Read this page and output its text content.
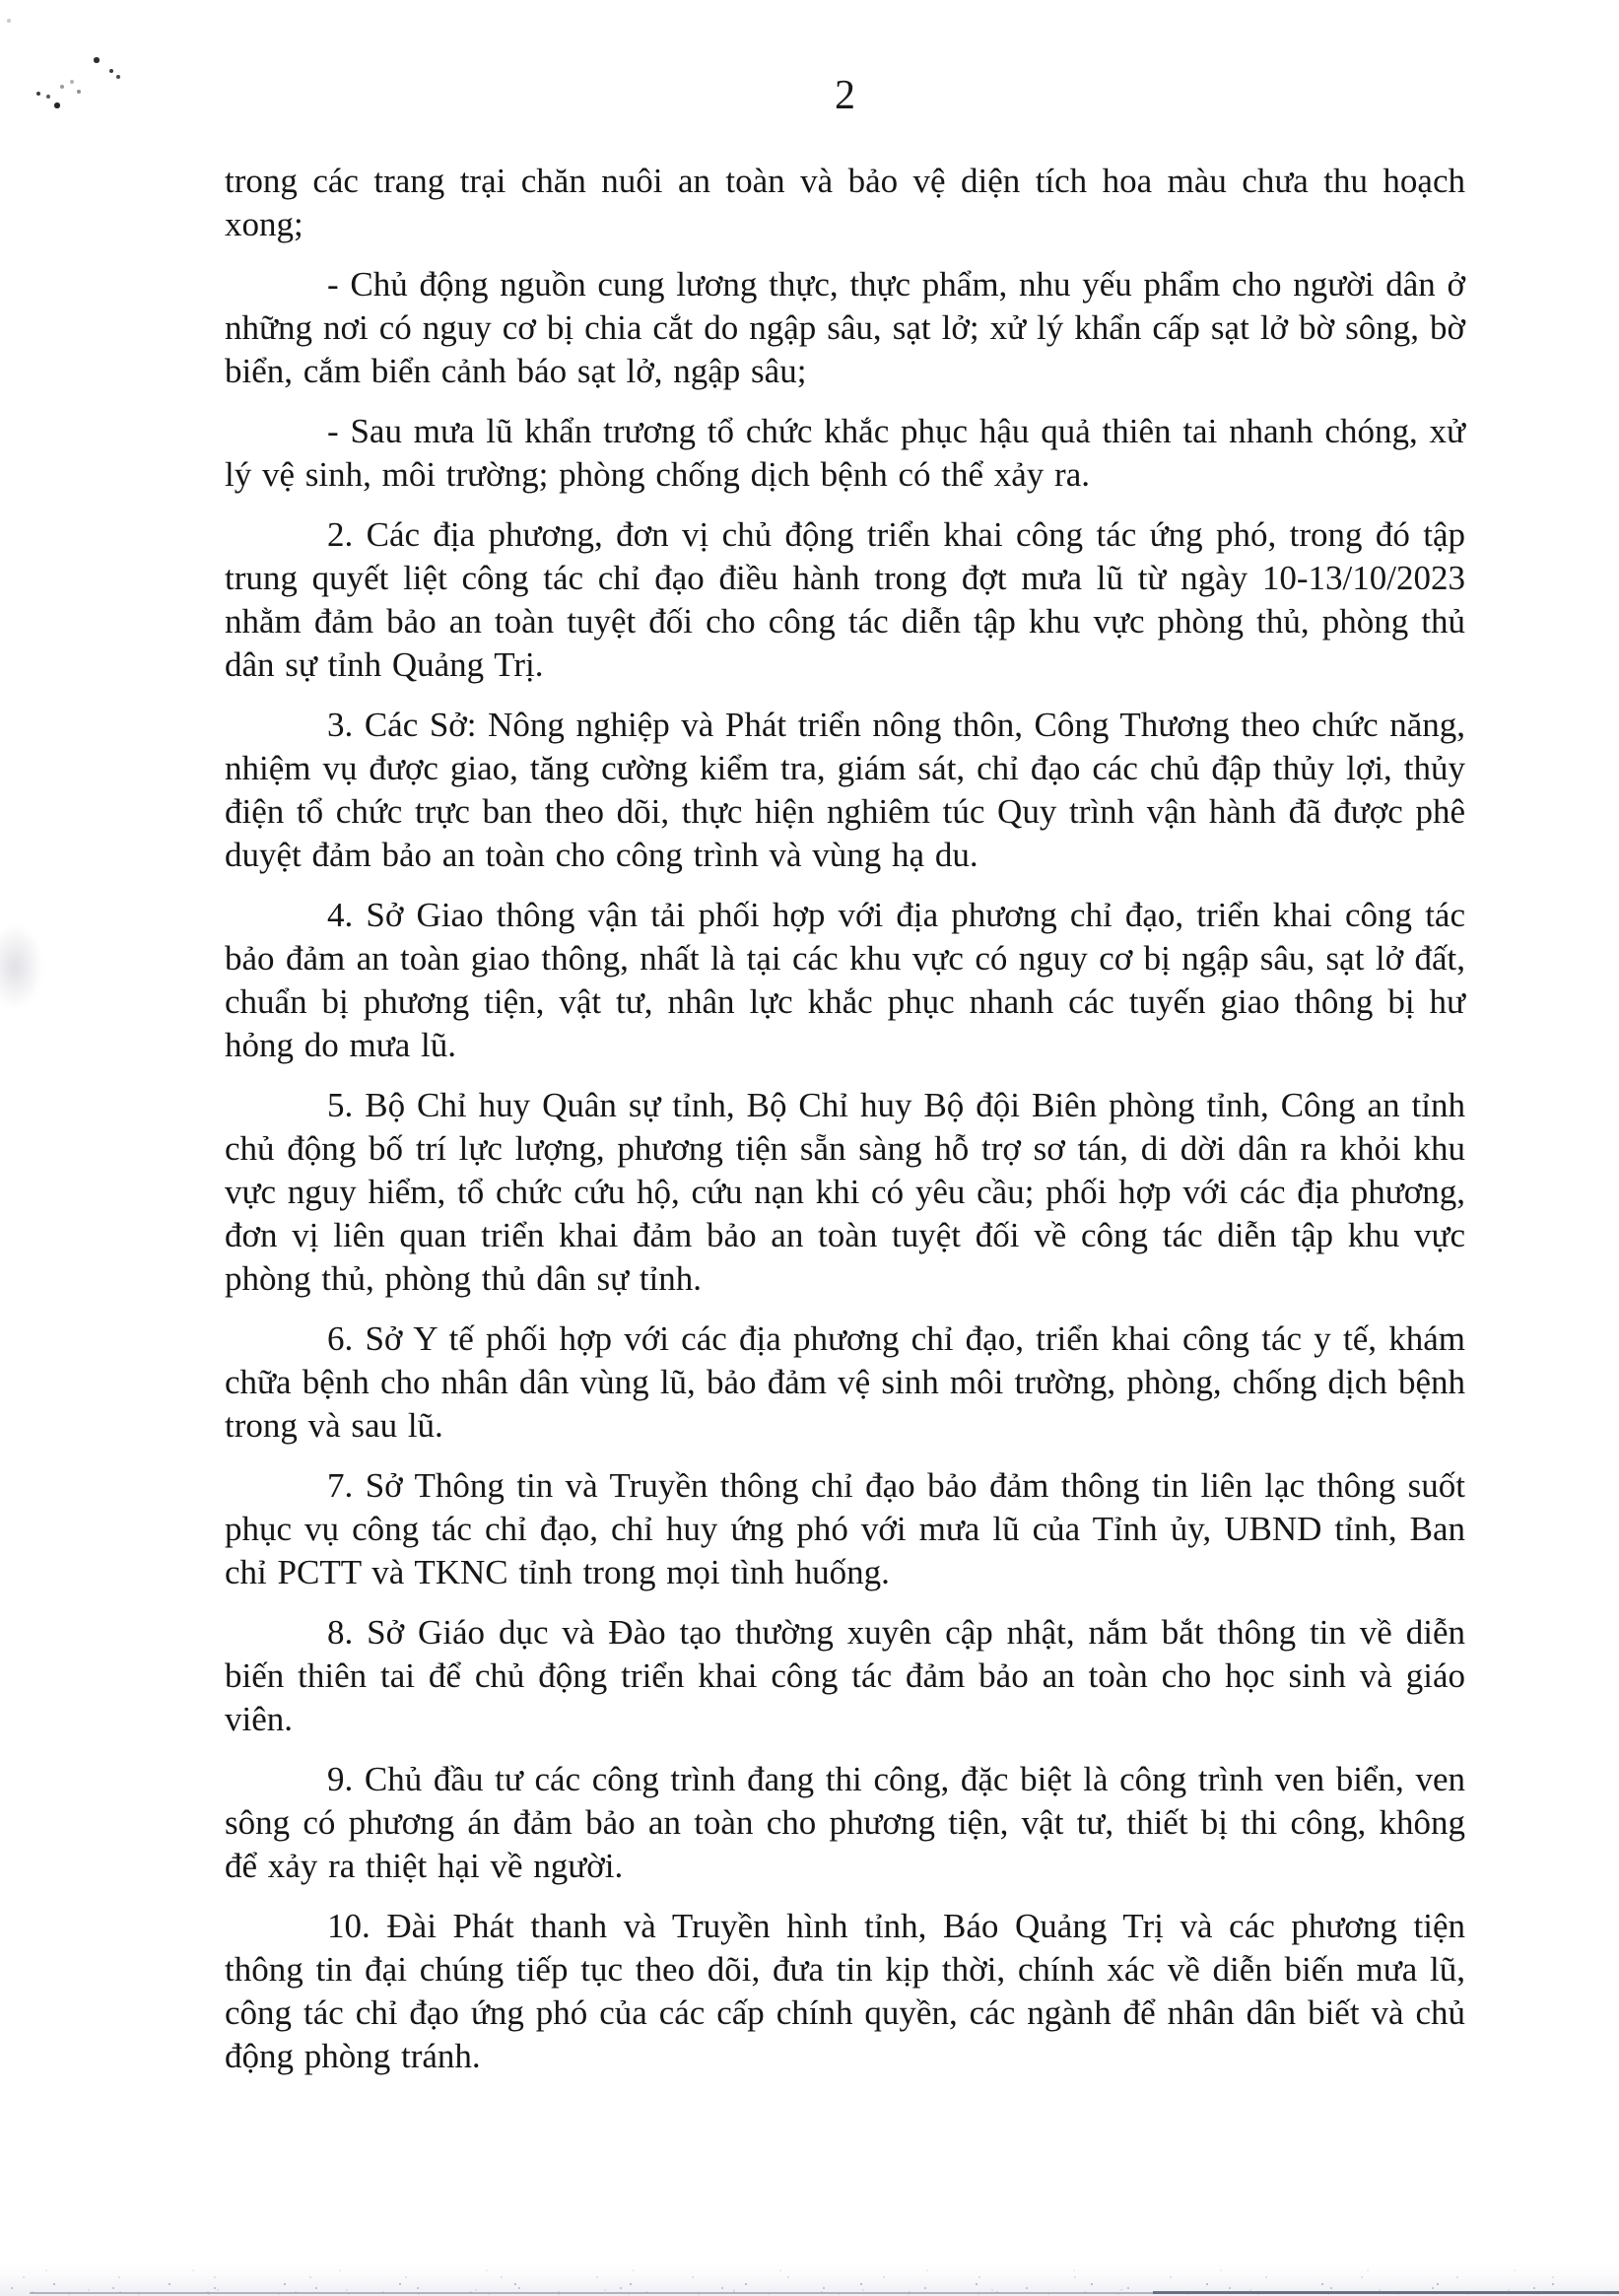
2

trong các trang trại chăn nuôi an toàn và bảo vệ diện tích hoa màu chưa thu hoạch xong;

- Chủ động nguồn cung lương thực, thực phẩm, nhu yếu phẩm cho người dân ở những nơi có nguy cơ bị chia cắt do ngập sâu, sạt lở; xử lý khẩn cấp sạt lở bờ sông, bờ biển, cắm biển cảnh báo sạt lở, ngập sâu;

- Sau mưa lũ khẩn trương tổ chức khắc phục hậu quả thiên tai nhanh chóng, xử lý vệ sinh, môi trường; phòng chống dịch bệnh có thể xảy ra.

2. Các địa phương, đơn vị chủ động triển khai công tác ứng phó, trong đó tập trung quyết liệt công tác chỉ đạo điều hành trong đợt mưa lũ từ ngày 10-13/10/2023 nhằm đảm bảo an toàn tuyệt đối cho công tác diễn tập khu vực phòng thủ, phòng thủ dân sự tỉnh Quảng Trị.

3. Các Sở: Nông nghiệp và Phát triển nông thôn, Công Thương theo chức năng, nhiệm vụ được giao, tăng cường kiểm tra, giám sát, chỉ đạo các chủ đập thủy lợi, thủy điện tổ chức trực ban theo dõi, thực hiện nghiêm túc Quy trình vận hành đã được phê duyệt đảm bảo an toàn cho công trình và vùng hạ du.

4. Sở Giao thông vận tải phối hợp với địa phương chỉ đạo, triển khai công tác bảo đảm an toàn giao thông, nhất là tại các khu vực có nguy cơ bị ngập sâu, sạt lở đất, chuẩn bị phương tiện, vật tư, nhân lực khắc phục nhanh các tuyến giao thông bị hư hỏng do mưa lũ.

5. Bộ Chỉ huy Quân sự tỉnh, Bộ Chỉ huy Bộ đội Biên phòng tỉnh, Công an tỉnh chủ động bố trí lực lượng, phương tiện sẵn sàng hỗ trợ sơ tán, di dời dân ra khỏi khu vực nguy hiểm, tổ chức cứu hộ, cứu nạn khi có yêu cầu; phối hợp với các địa phương, đơn vị liên quan triển khai đảm bảo an toàn tuyệt đối về công tác diễn tập khu vực phòng thủ, phòng thủ dân sự tỉnh.

6. Sở Y tế phối hợp với các địa phương chỉ đạo, triển khai công tác y tế, khám chữa bệnh cho nhân dân vùng lũ, bảo đảm vệ sinh môi trường, phòng, chống dịch bệnh trong và sau lũ.

7. Sở Thông tin và Truyền thông chỉ đạo bảo đảm thông tin liên lạc thông suốt phục vụ công tác chỉ đạo, chỉ huy ứng phó với mưa lũ của Tỉnh ủy, UBND tỉnh, Ban chỉ PCTT và TKNC tỉnh trong mọi tình huống.

8. Sở Giáo dục và Đào tạo thường xuyên cập nhật, nắm bắt thông tin về diễn biến thiên tai để chủ động triển khai công tác đảm bảo an toàn cho học sinh và giáo viên.

9. Chủ đầu tư các công trình đang thi công, đặc biệt là công trình ven biển, ven sông có phương án đảm bảo an toàn cho phương tiện, vật tư, thiết bị thi công, không để xảy ra thiệt hại về người.

10. Đài Phát thanh và Truyền hình tỉnh, Báo Quảng Trị và các phương tiện thông tin đại chúng tiếp tục theo dõi, đưa tin kịp thời, chính xác về diễn biến mưa lũ, công tác chỉ đạo ứng phó của các cấp chính quyền, các ngành để nhân dân biết và chủ động phòng tránh.
